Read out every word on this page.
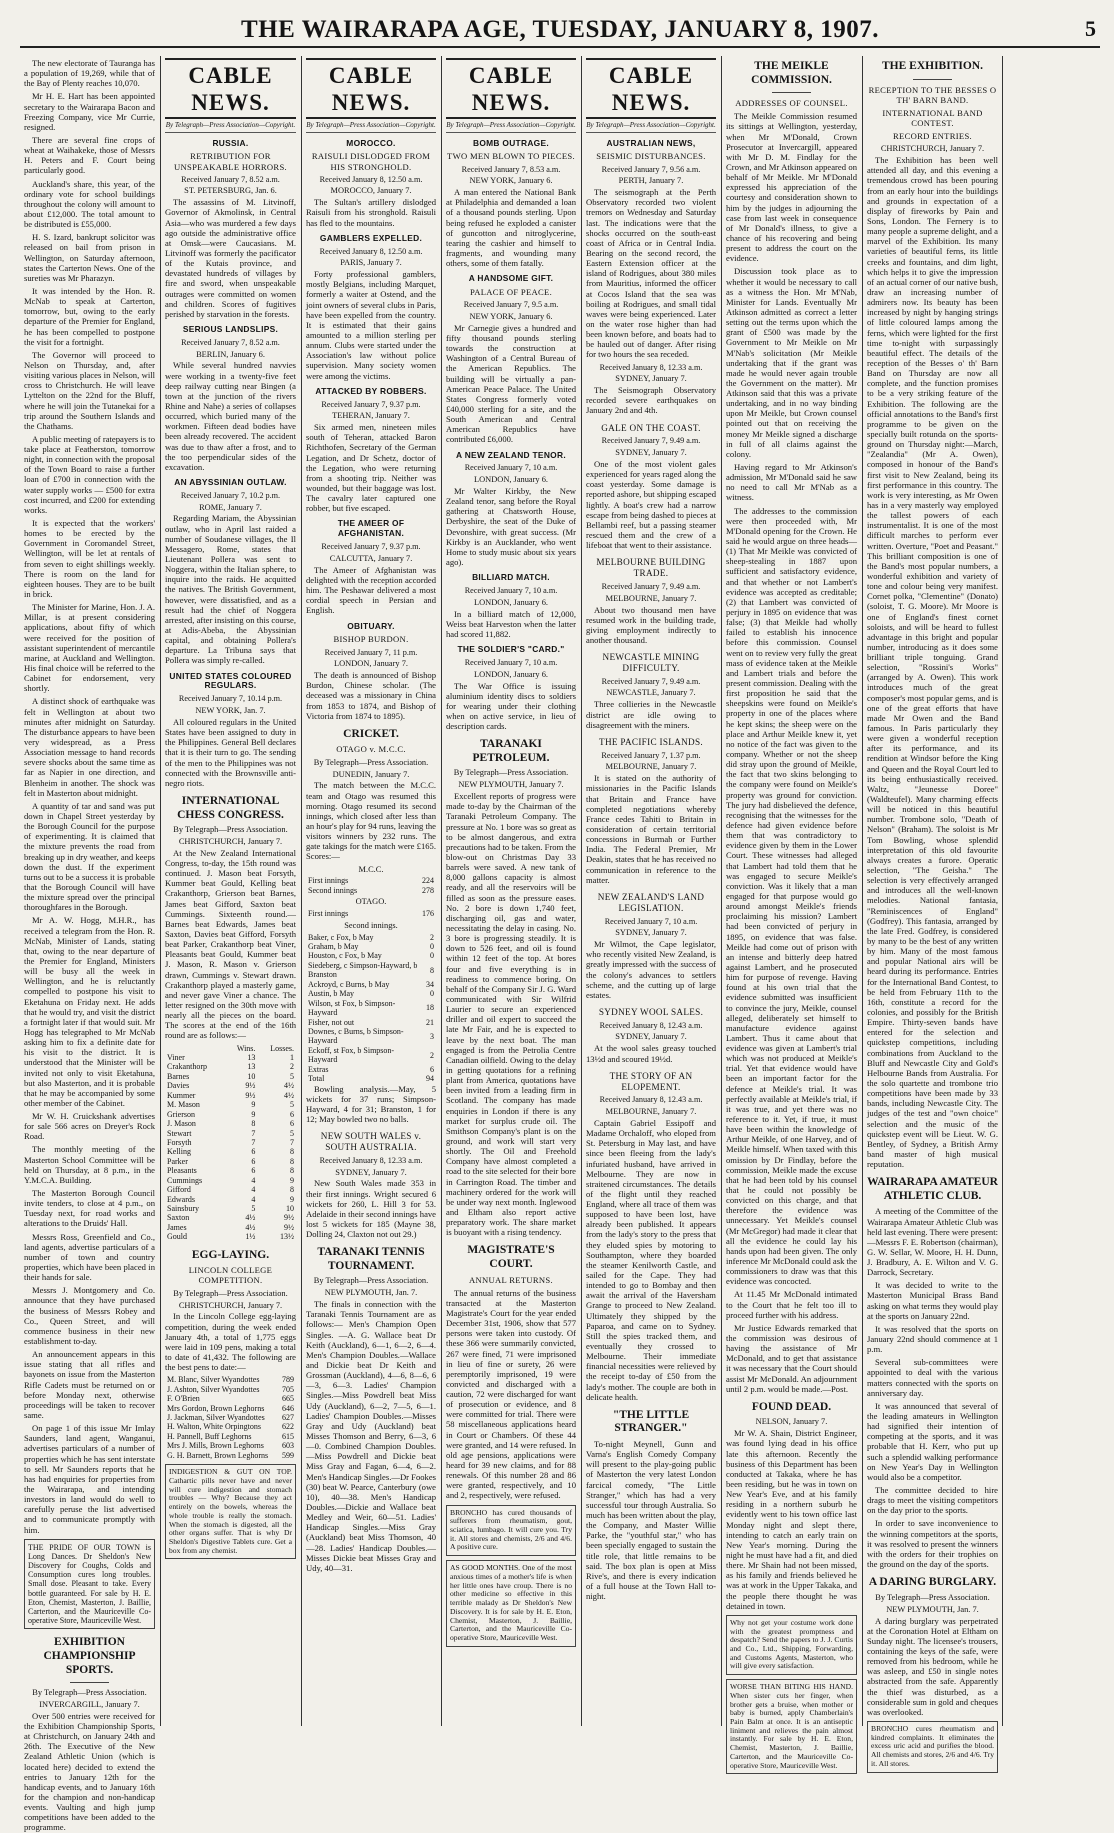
THE WAIRARAPA AGE, TUESDAY, JANUARY 8, 1907.	5

The new electorate of Tauranga has a population of 19,269, while that of the Bay of Plenty reaches 10,070.

Mr H. E. Hart has been appointed secretary to the Wairarapa Bacon and Freezing Company, vice Mr Currie, resigned.

There are several fine crops of wheat at Waihakeke, those of Messrs H. Peters and F. Court being particularly good.

Auckland's share, this year, of the ordinary vote for school buildings throughout the colony will amount to about £12,000. The total amount to be distributed is £55,000.

H. S. Izard, bankrupt solicitor was released on bail from prison in Wellington, on Saturday afternoon, states the Carterton News. One of the sureties was Mr Pharazyn.

It was intended by the Hon. R. McNab to speak at Carterton, tomorrow, but, owing to the early departure of the Premier for England, he has been compelled to postpone the visit for a fortnight.

The Governor will proceed to Nelson on Thursday, and, after visiting various places in Nelson, will cross to Christchurch. He will leave Lyttelton on the 22nd for the Bluff, where he will join the Tutanekai for a trip around the Southern Islands and the Chathams.

A public meeting of ratepayers is to take place at Featherston, tomorrow night, in connection with the proposal of the Town Board to raise a further loan of £700 in connection with the water supply works — £500 for extra cost incurred, and £200 for extending works.

It is expected that the workers' homes to be erected by the Government in Coromandel Street, Wellington, will be let at rentals of from seven to eight shillings weekly. There is room on the land for eighteen houses. They are to be built in brick.

The Minister for Marine, Hon. J. A. Millar, is at present considering applications, about fifty of which were received for the position of assistant superintendent of mercantile marine, at Auckland and Wellington. His final choice will be referred to the Cabinet for endorsement, very shortly.

A distinct shock of earthquake was felt in Wellington at about two minutes after midnight on Saturday. The disturbance appears to have been very widespread, as a Press Association message to hand records severe shocks about the same time as far as Napier in one direction, and Blenheim in another. The shock was felt in Masterton about midnight.

A quantity of tar and sand was put down in Chapel Street yesterday by the Borough Council for the purpose of experimenting. It is claimed that the mixture prevents the road from breaking up in dry weather, and keeps down the dust. If the experiment turns out to be a success it is probable that the Borough Council will have the mixture spread over the principal thoroughfares in the Borough.

Mr A. W. Hogg, M.H.R., has received a telegram from the Hon. R. McNab, Minister of Lands, stating that, owing to the near departure of the Premier for England, Ministers will be busy all the week in Wellington, and he is reluctantly compelled to postpone his visit to Eketahuna on Friday next. He adds that he would try, and visit the district a fortnight later if that would suit. Mr Hogg has telegraphed to Mr McNab asking him to fix a definite date for his visit to the district. It is understood that the Minister will be invited not only to visit Eketahuna, but also Masterton, and it is probable that he may be accompanied by some other member of the Cabinet.

Mr W. H. Cruickshank advertises for sale 566 acres on Dreyer's Rock Road.

The monthly meeting of the Masterton School Committee will be held on Thursday, at 8 p.m., in the Y.M.C.A. Building.

The Masterton Borough Council invite tenders, to close at 4 p.m., on Tuesday next, for road works and alterations to the Druids' Hall.

Messrs Ross, Greenfield and Co., land agents, advertise particulars of a number of town and country properties, which have been placed in their hands for sale.

Messrs J. Montgomery and Co. announce that they have purchased the business of Messrs Robey and Co., Queen Street, and will commence business in their new establishment to-day.

An announcement appears in this issue stating that all rifles and bayonets on issue from the Masterton Rifle Cadets must be returned on or before Monday next, otherwise proceedings will be taken to recover same.

On page 1 of this issue Mr Imlay Saunders, land agent, Wanganui, advertises particulars of a number of properties which he has sent interstate to sell. Mr Saunders reports that he has had enquiries for properties from the Wairarapa, and intending investors in land would do well to carefully peruse the list advertised and to communicate promptly with him.

THE PRIDE OF OUR TOWN is Long Dances. Dr Sheldon's New Discovery for Coughs, Colds and Consumption cures long troubles. Small dose. Pleasant to take. Every bottle guaranteed. For sale by H. E. Eton, Chemist, Masterton, J. Baillie, Carterton, and the Mauriceville Co-operative Store, Mauriceville West.
EXHIBITION CHAMPIONSHIP SPORTS.
By Telegraph—Press Association.
INVERCARGILL, January 7.

Over 500 entries were received for the Exhibition Championship Sports, at Christchurch, on January 24th and 26th. The Executive of the New Zealand Athletic Union (which is located here) decided to extend the entries to January 12th for the handicap events, and to January 16th for the champion and non-handicap events. Vaulting and high jump competitions have been added to the programme.

CABLE NEWS.
By Telegraph—Press Association—Copyright.
RUSSIA.
RETRIBUTION FOR UNSPEAKABLE HORRORS.
Received January 7, 8.52 a.m.
ST. PETERSBURG, Jan. 6.

The assassins of M. Litvinoff, Governor of Akmolinsk, in Central Asia—who was murdered a few days ago outside the administrative office at Omsk—were Caucasians. M. Litvinoff was formerly the pacificator of the Kutais province, and devastated hundreds of villages by fire and sword, when unspeakable outrages were committed on women and children. Scores of fugitives perished by starvation in the forests.

SERIOUS LANDSLIPS.
Received January 7, 8.52 a.m.
BERLIN, January 6.

While several hundred navvies were working in a twenty-five feet deep railway cutting near Bingen (a town at the junction of the rivers Rhine and Nahe) a series of collapses occurred, which buried many of the workmen. Fifteen dead bodies have been already recovered. The accident was due to thaw after a frost, and to the too perpendicular sides of the excavation.

AN ABYSSINIAN OUTLAW.
Received January 7, 10.2 p.m.
ROME, January 7.

Regarding Mariam, the Abyssinian outlaw, who in April last raided a number of Soudanese villages, the Il Messagero, Rome, states that Lieutenant Pollera was sent to Noggera, within the Italian sphere, to inquire into the raids. He acquitted the natives. The British Government, however, were dissatisfied, and as a result had the chief of Noggera arrested, after insisting on this course, at Adis-Abeba, the Abyssinian capital, and obtaining Pollera's departure. La Tribuna says that Pollera was simply re-called.

UNITED STATES COLOURED REGULARS.
Received January 7, 10.14 p.m.
NEW YORK, Jan. 7.

All coloured regulars in the United States have been assigned to duty in the Philippines. General Bell declares that it is their turn to go. The sending of the men to the Philippines was not connected with the Brownsville anti-negro riots.

INTERNATIONAL CHESS CONGRESS.
By Telegraph—Press Association.
CHRISTCHURCH, January 7.

At the New Zealand International Congress, to-day, the 15th round was continued. J. Mason beat Forsyth, Kummer beat Gould, Kelling beat Crakanthorp, Grierson beat Barnes, James beat Gifford, Saxton beat Cummings. Sixteenth round.—Barnes beat Edwards, James beat Saxton, Davies beat Gifford, Forsyth beat Parker, Crakanthorp beat Viner, Pleasants beat Gould, Kummer beat J. Mason, R. Mason v. Grierson drawn, Cummings v. Stewart drawn. Crakanthorp played a masterly game, and never gave Viner a chance. The letter resigned on the 30th move with nearly all the pieces on the board. The scores at the end of the 16th round are as follows:—

	Wins.	Losses.
Viner	13	1
Crakanthorp	13	2
Barnes	10	5
Davies	9½	4½
Kummer	9½	4½
M. Mason	9	5
Grierson	9	6
J. Mason	8	6
Stewart	7	5
Forsyth	7	7
Kelling	6	8
Parker	6	8
Pleasants	6	8
Cummings	4	9
Gifford	4	8
Edwards	4	9
Sainsbury	5	10
Saxton	4½	9½
James	4½	9½
Gould	1½	13½
EGG-LAYING.
LINCOLN COLLEGE COMPETITION.
By Telegraph—Press Association.
CHRISTCHURCH, January 7.

In the Lincoln College egg-laying competition, during the week ended January 4th, a total of 1,775 eggs were laid in 109 pens, making a total to date of 41,432. The following are the best pens to date:—

M. Blanc, Silver Wyandottes	789
J. Ashton, Silver Wyandottes	705
F. O'Brien	665
Mrs Gordon, Brown Leghorns	646
J. Jackman, Silver Wyandottes	627
H. Walton, White Orpingtons	622
H. Pannell, Buff Leghorns	615
Mrs J. Mills, Brown Leghorns	603
G. H. Barnett, Brown Leghorns	599
INDIGESTION & GUT ON TOP. Cathartic pills never have and never will cure indigestion and stomach troubles — Why? Because they act entirely on the bowels, whereas the whole trouble is really the stomach. When the stomach is digested, all the other organs suffer. That is why Dr Sheldon's Digestive Tablets cure. Get a box from any chemist.
CABLE NEWS.
By Telegraph—Press Association—Copyright.
MOROCCO.
RAISULI DISLODGED FROM HIS STRONGHOLD.
Received January 8, 12.50 a.m.
MOROCCO, January 7.

The Sultan's artillery dislodged Raisuli from his stronghold. Raisuli has fled to the mountains.

GAMBLERS EXPELLED.
Received January 8, 12.50 a.m.
PARIS, January 7.

Forty professional gamblers, mostly Belgians, including Marquet, formerly a waiter at Ostend, and the joint owners of several clubs in Paris, have been expelled from the country. It is estimated that their gains amounted to a million sterling per annum. Clubs were started under the Association's law without police supervision. Many society women were among the victims.

ATTACKED BY ROBBERS.
Received January 7, 9.37 p.m.
TEHERAN, January 7.

Six armed men, nineteen miles south of Teheran, attacked Baron Richthofen, Secretary of the German Legation, and Dr Schetz, doctor of the Legation, who were returning from a shooting trip. Neither was wounded, but their baggage was lost. The cavalry later captured one robber, but five escaped.

THE AMEER OF AFGHANISTAN.
Received January 7, 9.37 p.m.
CALCUTTA, January 7.

The Ameer of Afghanistan was delighted with the reception accorded him. The Peshawar delivered a most cordial speech in Persian and English.

OBITUARY.
BISHOP BURDON.
Received January 7, 11 p.m.
LONDON, January 7.

The death is announced of Bishop Burdon, Chinese scholar. (The deceased was a missionary in China from 1853 to 1874, and Bishop of Victoria from 1874 to 1895).

CRICKET.
OTAGO v. M.C.C.
By Telegraph—Press Association.
DUNEDIN, January 7.

The match between the M.C.C. team and Otago was resumed this morning. Otago resumed its second innings, which closed after less than an hour's play for 94 runs, leaving the visitors winners by 232 runs. The gate takings for the match were £165. Scores:—

M.C.C.
First innings	224
Second innings	278
OTAGO.
First innings	176
Second innings.
Baker, c Fox, b May	2
Graham, b May	0
Houston, c Fox, b May	0
Siedeberg, c Simpson-Hayward, b Branston	8
Ackroyd, c Burns, b May	34
Austin, b May	0
Wilson, st Fox, b Simpson-Hayward	18
Fisher, not out	21
Downes, c Burns, b Simpson-Hayward	3
Eckoff, st Fox, b Simpson-Hayward	2
Extras	6
Total	94

Bowling analysis.—May, 5 wickets for 37 runs; Simpson-Hayward, 4 for 31; Branston, 1 for 12; May bowled two no balls.

NEW SOUTH WALES v. SOUTH AUSTRALIA.
Received January 8, 12.33 a.m.
SYDNEY, January 7.

New South Wales made 353 in their first innings. Wright secured 6 wickets for 260, L. Hill 3 for 53. Adelaide in their second innings have lost 5 wickets for 185 (Mayne 38, Dolling 24, Claxton not out 29.)

TARANAKI TENNIS TOURNAMENT.
By Telegraph—Press Association.
NEW PLYMOUTH, Jan. 7.

The finals in connection with the Taranaki Tennis Tournament are as follows:— Men's Champion Open Singles. —A. G. Wallace beat Dr Keith (Auckland), 6—1, 6—2, 6—4. Men's Champion Doubles.—Wallace and Dickie beat Dr Keith and Grossman (Auckland), 4—6, 8—6, 6—3, 6—3. Ladies' Champion Singles.—Miss Powdrell beat Miss Udy (Auckland), 6—2, 7—5, 6—1. Ladies' Champion Doubles.—Misses Gray and Udy (Auckland) beat Misses Thomson and Berry, 6—3, 6—0. Combined Champion Doubles.—Miss Powdrell and Dickie beat Miss Gray and Fagan, 6—4, 6—2. Men's Handicap Singles.—Dr Fookes (30) beat W. Pearce, Canterbury (owe 10), 40—38. Men's Handicap Doubles.—Dickie and Wallace beat Medley and Weir, 60—51. Ladies' Handicap Singles.—Miss Gray (Auckland) beat Miss Thomson, 40—28. Ladies' Handicap Doubles.—Misses Dickie beat Misses Gray and Udy, 40—31.

CABLE NEWS.
By Telegraph—Press Association—Copyright.
BOMB OUTRAGE.
TWO MEN BLOWN TO PIECES.
Received January 7, 8.53 a.m.
NEW YORK, January 6.

A man entered the National Bank at Philadelphia and demanded a loan of a thousand pounds sterling. Upon being refused he exploded a canister of guncotton and nitroglycerine, tearing the cashier and himself to fragments, and wounding many others, some of them fatally.

A HANDSOME GIFT.
PALACE OF PEACE.
Received January 7, 9.5 a.m.
NEW YORK, January 6.

Mr Carnegie gives a hundred and fifty thousand pounds sterling towards the construction at Washington of a Central Bureau of the American Republics. The building will be virtually a pan-American Peace Palace. The United States Congress formerly voted £40,000 sterling for a site, and the South American and Central American Republics have contributed £6,000.

A NEW ZEALAND TENOR.
Received January 7, 10 a.m.
LONDON, January 6.

Mr Walter Kirkby, the New Zealand tenor, sang before the Royal gathering at Chatsworth House, Derbyshire, the seat of the Duke of Devonshire, with great success. (Mr Kirkby is an Aucklander, who went Home to study music about six years ago).

BILLIARD MATCH.
Received January 7, 10 a.m.
LONDON, January 6.

In a billiard match of 12,000, Weiss beat Harveston when the latter had scored 11,882.

THE SOLDIER'S "CARD."
Received January 7, 10 a.m.
LONDON, January 6.

The War Office is issuing aluminium identity discs to soldiers for wearing under their clothing when on active service, in lieu of description cards.

TARANAKI PETROLEUM.
By Telegraph—Press Association.
NEW PLYMOUTH, January 7.

Excellent reports of progress were made to-day by the Chairman of the Taranaki Petroleum Company. The pressure at No. 1 bore was so great as to be almost dangerous, and extra precautions had to be taken. From the blow-out on Christmas Day 33 barrels were saved. A new tank of 8,000 gallons capacity is almost ready, and all the reservoirs will be filled as soon as the pressure eases. No. 2 bore is down 1,740 feet, discharging oil, gas and water, necessitating the delay in casing. No. 3 bore is progressing steadily. It is down to 526 feet, and oil is found within 12 feet of the top. At bores four and five everything is in readiness to commence boring. On behalf of the Company Sir J. G. Ward communicated with Sir Wilfrid Laurier to secure an experienced driller and oil expert to succeed the late Mr Fair, and he is expected to leave by the next boat. The man engaged is from the Petrolia Centre Canadian oilfield. Owing to the delay in getting quotations for a refining plant from America, quotations have been invited from a leading firm in Scotland. The company has made enquiries in London if there is any market for surplus crude oil. The Smithson Company's plant is on the ground, and work will start very shortly. The Oil and Freehold Company have almost completed a road to the site selected for their bore in Carrington Road. The timber and machinery ordered for the work will be under way next month. Inglewood and Eltham also report active preparatory work. The share market is buoyant with a rising tendency.

MAGISTRATE'S COURT.
ANNUAL RETURNS.

The annual returns of the business transacted at the Masterton Magistrate's Court for the year ended December 31st, 1906, show that 577 persons were taken into custody. Of these 366 were summarily convicted, 267 were fined, 71 were imprisoned in lieu of fine or surety, 26 were peremptorily imprisoned, 19 were convicted and discharged with a caution, 72 were discharged for want of prosecution or evidence, and 8 were committed for trial. There were 58 miscellaneous applications heard in Court or Chambers. Of these 44 were granted, and 14 were refused. In old age pensions, applications were heard for 39 new claims, and for 88 renewals. Of this number 28 and 86 were granted, respectively, and 10 and 2, respectively, were refused.

BRONCHO has cured thousands of sufferers from rheumatism, gout, sciatica, lumbago. It will cure you. Try it. All stores and chemists, 2/6 and 4/6. A positive cure.
AS GOOD MONTHS. One of the most anxious times of a mother's life is when her little ones have croup. There is no other medicine so effective in this terrible malady as Dr Sheldon's New Discovery. It is for sale by H. E. Eton, Chemist, Masterton, J. Baillie, Carterton, and the Mauriceville Co-operative Store, Mauriceville West.
CABLE NEWS.
By Telegraph—Press Association—Copyright.
AUSTRALIAN NEWS,
SEISMIC DISTURBANCES.
Received January 7, 9.56 a.m.
PERTH, January 7.

The seismograph at the Perth Observatory recorded two violent tremors on Wednesday and Saturday last. The indications were that the shocks occurred on the south-east coast of Africa or in Central India. Bearing on the second record, the Eastern Extension officer at the island of Rodrigues, about 380 miles from Mauritius, informed the officer at Cocos Island that the sea was boiling at Rodrigues, and small tidal waves were being experienced. Later on the water rose higher than had been known before, and boats had to be hauled out of danger. After rising for two hours the sea receded.

Received January 8, 12.33 a.m.
SYDNEY, January 7.

The Seismograph Observatory recorded severe earthquakes on January 2nd and 4th.

GALE ON THE COAST.
Received January 7, 9.49 a.m.
SYDNEY, January 7.

One of the most violent gales experienced for years raged along the coast yesterday. Some damage is reported ashore, but shipping escaped lightly. A boat's crew had a narrow escape from being dashed to pieces at Bellambi reef, but a passing steamer rescued them and the crew of a lifeboat that went to their assistance.

MELBOURNE BUILDING TRADE.
Received January 7, 9.49 a.m.
MELBOURNE, January 7.

About two thousand men have resumed work in the building trade, giving employment indirectly to another thousand.

NEWCASTLE MINING DIFFICULTY.
Received January 7, 9.49 a.m.
NEWCASTLE, January 7.

Three collieries in the Newcastle district are idle owing to disagreement with the miners.

THE PACIFIC ISLANDS.
Received January 7, 1.37 p.m.
MELBOURNE, January 7.

It is stated on the authority of missionaries in the Pacific Islands that Britain and France have completed negotiations whereby France cedes Tahiti to Britain in consideration of certain territorial concessions in Burmah or Further India. The Federal Premier, Mr Deakin, states that he has received no communication in reference to the matter.

NEW ZEALAND'S LAND LEGISLATION.
Received January 7, 10 a.m.
SYDNEY, January 7.

Mr Wilmot, the Cape legislator, who recently visited New Zealand, is greatly impressed with the success of the colony's advances to settlers scheme, and the cutting up of large estates.

SYDNEY WOOL SALES.
Received January 8, 12.43 a.m.
SYDNEY, January 7.

At the wool sales greasy touched 13½d and scoured 19½d.

THE STORY OF AN ELOPEMENT.
Received January 8, 12.43 a.m.
MELBOURNE, January 7.

Captain Gabriel Essipoff and Madame Orchaloff, who eloped from St. Petersburg in May last, and have since been fleeing from the lady's infuriated husband, have arrived in Melbourne. They are now in straitened circumstances. The details of the flight until they reached England, where all trace of them was supposed to have been lost, have already been published. It appears from the lady's story to the press that they eluded spies by motoring to Southampton, where they boarded the steamer Kenilworth Castle, and sailed for the Cape. They had intended to go to Bombay and then await the arrival of the Haversham Grange to proceed to New Zealand. Ultimately they shipped by the Paparoa, and came on to Sydney. Still the spies tracked them, and eventually they crossed to Melbourne. Their immediate financial necessities were relieved by the receipt to-day of £50 from the lady's mother. The couple are both in delicate health.

"THE LITTLE STRANGER."

To-night Meynell, Gunn and Varna's English Comedy Company will present to the play-going public of Masterton the very latest London farcical comedy, "The Little Stranger," which has had a very successful tour through Australia. So much has been written about the play, the Company, and Master Willie Parke, the "youthful star," who has been specially engaged to sustain the title role, that little remains to be said. The box plan is open at Miss Rive's, and there is every indication of a full house at the Town Hall to-night.

THE MEIKLE COMMISSION.
ADDRESSES OF COUNSEL.

The Meikle Commission resumed its sittings at Wellington, yesterday, when Mr M'Donald, Crown Prosecutor at Invercargill, appeared with Mr D. M. Findlay for the Crown, and Mr Atkinson appeared on behalf of Mr Meikle. Mr M'Donald expressed his appreciation of the courtesy and consideration shown to him by the judges in adjourning the case from last week in consequence of Mr Donald's illness, to give a chance of his recovering and being present to address the court on the evidence.

Discussion took place as to whether it would be necessary to call as a witness the Hon. Mr M'Nab, Minister for Lands. Eventually Mr Atkinson admitted as correct a letter setting out the terms upon which the grant of £500 was made by the Government to Mr Meikle on Mr M'Nab's solicitation (Mr Meikle undertaking that if the grant was made he would never again trouble the Government on the matter). Mr Atkinson said that this was a private undertaking, and in no way binding upon Mr Meikle, but Crown counsel pointed out that on receiving the money Mr Meikle signed a discharge in full of all claims against the colony.

Having regard to Mr Atkinson's admission, Mr M'Donald said he saw no need to call Mr M'Nab as a witness.

The addresses to the commission were then proceeded with, Mr M'Donald opening for the Crown. He said he would argue on three heads—(1) That Mr Meikle was convicted of sheep-stealing in 1887 upon sufficient and satisfactory evidence, and that whether or not Lambert's evidence was accepted as creditable; (2) that Lambert was convicted of perjury in 1895 on evidence that was false; (3) that Meikle had wholly failed to establish his innocence before this commission. Counsel went on to review very fully the great mass of evidence taken at the Meikle and Lambert trials and before the present commission. Dealing with the first proposition he said that the sheepskins were found on Meikle's property in one of the places where he kept skins; the sheep were on the place and Arthur Meikle knew it, yet no notice of the fact was given to the company. Whether or not the sheep did stray upon the ground of Meikle, the fact that two skins belonging to the company were found on Meikle's property was ground for conviction. The jury had disbelieved the defence, recognising that the witnesses for the defence had given evidence before them that was contradictory to evidence given by them in the Lower Court. These witnesses had alleged that Lambert had told them that he was engaged to secure Meikle's conviction. Was it likely that a man engaged for that purpose would go around amongst Meikle's friends proclaiming his mission? Lambert had been convicted of perjury in 1895, on evidence that was false. Meikle had come out of prison with an intense and bitterly deep hatred against Lambert, and he prosecuted him for purpose of revenge. Having found at his own trial that the evidence submitted was insufficient to convince the jury, Meikle, counsel alleged, deliberately set himself to manufacture evidence against Lambert. Thus it came about that evidence was given at Lambert's trial which was not produced at Meikle's trial. Yet that evidence would have been an important factor for the defence at Meikle's trial. It was perfectly available at Meikle's trial, if it was true, and yet there was no reference to it. Yet, if true, it must have been within the knowledge of Arthur Meikle, of one Harvey, and of Meikle himself. When taxed with this omission by Dr Findlay, before the commission, Meikle made the excuse that he had been told by his counsel that he could not possibly be convicted on this charge, and that therefore the evidence was unnecessary. Yet Meikle's counsel (Mr McGregor) had made it clear that all the evidence he could lay his hands upon had been given. The only inference Mr McDonald could ask the commissioners to draw was that this evidence was concocted.

At 11.45 Mr McDonald intimated to the Court that he felt too ill to proceed further with his address.

Mr Justice Edwards remarked that the commission was desirous of having the assistance of Mr McDonald, and to get that assistance it was necessary that the Court should assist Mr McDonald. An adjournment until 2 p.m. would be made.—Post.

FOUND DEAD.
NELSON, January 7.

Mr W. A. Shain, District Engineer, was found lying dead in his office late this afternoon. Recently the business of this Department has been conducted at Takaka, where he has been residing, but he was in town on New Year's Eve, and at his family residing in a northern suburb he evidently went to his town office last Monday night and slept there, intending to catch an early train on New Year's morning. During the night he must have had a fit, and died there. Mr Shain had not been missed, as his family and friends believed he was at work in the Upper Takaka, and the people there thought he was detained in town.

Why not get your costume work done with the greatest promptness and despatch? Send the papers to J. J. Curtis and Co., Ltd., Shipping, Forwarding, and Customs Agents, Masterton, who will give every satisfaction.
WORSE THAN BITING HIS HAND. When sister cuts her finger, when brother gets a bruise, when mother or baby is burned, apply Chamberlain's Pain Balm at once. It is an antiseptic liniment and relieves the pain almost instantly. For sale by H. E. Eton, Chemist, Masterton, J. Baillie, Carterton, and the Mauriceville Co-operative Store, Mauriceville West.
THE EXHIBITION.
RECEPTION TO THE BESSES O TH' BARN BAND.
INTERNATIONAL BAND CONTEST.
RECORD ENTRIES.
CHRISTCHURCH, January 7.

The Exhibition has been well attended all day, and this evening a tremendous crowd has been pouring from an early hour into the buildings and grounds in expectation of a display of fireworks by Pain and Sons, London. The Fernery is to many people a supreme delight, and a marvel of the Exhibition. Its many varieties of beautiful ferns, its little creeks and fountains, and dim light, which helps it to give the impression of an actual corner of our native bush, draw an increasing number of admirers now. Its beauty has been increased by night by hanging strings of little coloured lamps among the ferns, which were lighted for the first time to-night with surpassingly beautiful effect. The details of the reception of the Besses o' th' Barn Band on Thursday are now all complete, and the function promises to be a very striking feature of the Exhibition. The following are the official annotations to the Band's first programme to be given on the specially built rotunda on the sports-ground on Thursday night:—March, "Zealandia" (Mr A. Owen), composed in honour of the Band's first visit to New Zealand, being its first performance in this country. The work is very interesting, as Mr Owen has in a very masterly way employed the tallest powers of each instrumentalist. It is one of the most difficult marches to perform ever written. Overture, "Poet and Peasant." This brilliant composition is one of the Band's most popular numbers, a wonderful exhibition and variety of tone and colour being very manifest. Cornet polka, "Clementine" (Donato) (soloist, T. G. Moore). Mr Moore is one of England's finest cornet soloists, and will be heard to fullest advantage in this bright and popular number, introducing as it does some brilliant triple tonguing. Grand selection, "Rossini's Works" (arranged by A. Owen). This work introduces much of the great composer's most popular gems, and is one of the great efforts that have made Mr Owen and the Band famous. In Paris particularly they were given a wonderful reception after its performance, and its rendition at Windsor before the King and Queen and the Royal Court led to its being enthusiastically received. Waltz, "Jeunesse Doree" (Waldteufel). Many charming effects will be noticed in this beautiful number. Trombone solo, "Death of Nelson" (Braham). The soloist is Mr Tom Bowling, whose splendid interpretation of this old favourite always creates a furore. Operatic selection, "The Geisha." The selection is very effectively arranged and introduces all the well-known melodies. National fantasia, "Reminiscences of England" (Godfrey). This fantasia, arranged by the late Fred. Godfrey, is considered by many to be the best of any written by him. Many of the most famous and popular National airs will be heard during its performance. Entries for the International Band Contest, to be held from February 11th to the 16th, constitute a record for the colonies, and possibly for the British Empire. Thirty-seven bands have entered for the selection and quickstep competitions, including combinations from Auckland to the Bluff and Newcastle City and Gold's Helbourne Bands from Australia. For the solo quartette and trombone trio competitions have been made by 33 bands, including Newcastle City. The judges of the test and "own choice" selection and the music of the quickstep event will be Lieut. W. G. Bentley, of Sydney, a British Army band master of high musical reputation.

WAIRARAPA AMATEUR ATHLETIC CLUB.

A meeting of the Committee of the Wairarapa Amateur Athletic Club was held last evening. There were present:—Messrs F. E. Robertson (chairman), G. W. Sellar, W. Moore, H. H. Dunn, J. Bradbury, A. E. Wilton and V. G. Darrock, Secretary.

It was decided to write to the Masterton Municipal Brass Band asking on what terms they would play at the sports on January 22nd.

It was resolved that the sports on January 22nd should commence at 1 p.m.

Several sub-committees were appointed to deal with the various matters connected with the sports on anniversary day.

It was announced that several of the leading amateurs in Wellington had signified their intention of competing at the sports, and it was probable that H. Kerr, who put up such a splendid walking performance on New Year's Day in Wellington would also be a competitor.

The committee decided to hire drags to meet the visiting competitors on the day prior to the sports.

In order to save inconvenience to the winning competitors at the sports, it was resolved to present the winners with the orders for their trophies on the ground on the day of the sports.

A DARING BURGLARY.
By Telegraph—Press Association.
NEW PLYMOUTH, Jan. 7.

A daring burglary was perpetrated at the Coronation Hotel at Eltham on Sunday night. The licensee's trousers, containing the keys of the safe, were removed from his bedroom, while he was asleep, and £50 in single notes abstracted from the safe. Apparently the thief was disturbed, as a considerable sum in gold and cheques was overlooked.

BRONCHO cures rheumatism and kindred complaints. It eliminates the excess uric acid and purifies the blood. All chemists and stores, 2/6 and 4/6. Try it. All stores.
